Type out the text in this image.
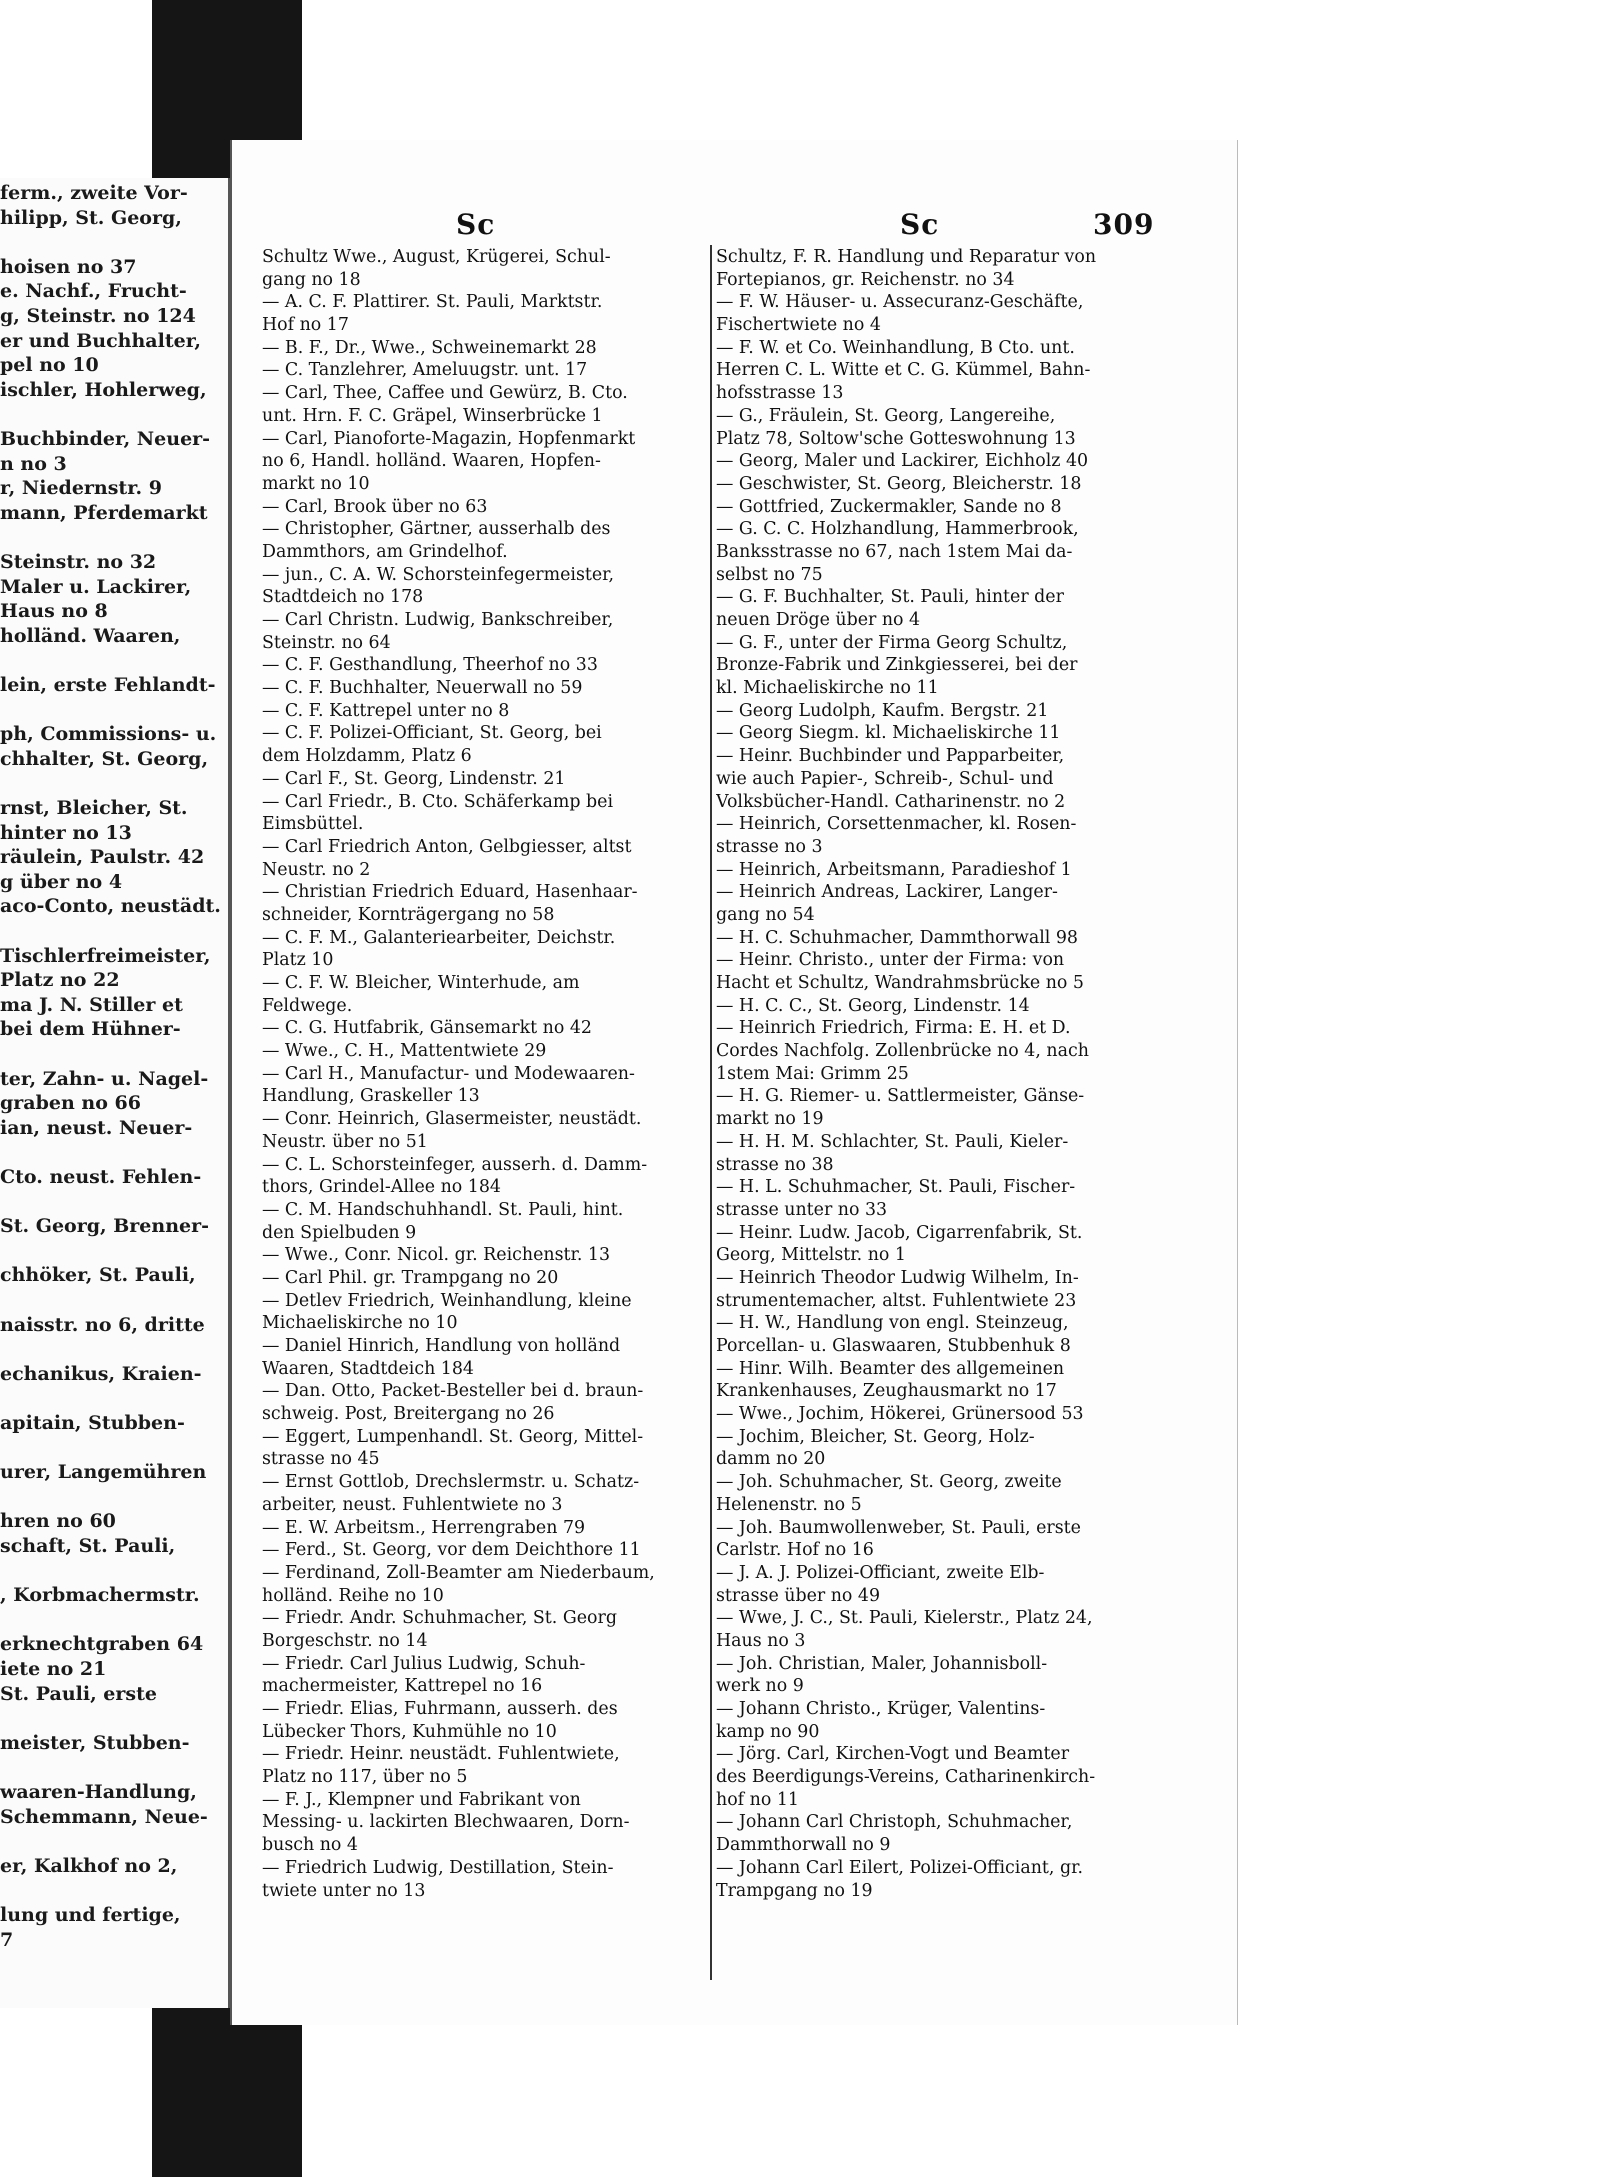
ferm., zweite Vor-
hilipp, St. Georg,
hoisen no 37
e. Nachf., Frucht-
g, Steinstr. no 124
er und Buchhalter,
pel no 10
ischler, Hohlerweg,
Buchbinder, Neuer-
n no 3
r, Niedernstr. 9
mann, Pferdemarkt
Steinstr. no 32
Maler u. Lackirer,
Haus no 8
holländ. Waaren,
lein, erste Fehlandt-
ph, Commissions- u.
chhalter, St. Georg,
rnst, Bleicher, St.
hinter no 13
räulein, Paulstr. 42
g über no 4
aco-Conto, neustädt.
Tischlerfreimeister,
Platz no 22
ma J. N. Stiller et
bei dem Hühner-
ter, Zahn- u. Nagel-
graben no 66
ian, neust. Neuer-
Cto. neust. Fehlen-
St. Georg, Brenner-
chhöker, St. Pauli,
naisstr. no 6, dritte
echanikus, Kraien-
apitain, Stubben-
urer, Langemühren
hren no 60
schaft, St. Pauli,
, Korbmachermstr.
erknechtgraben 64
iete no 21
St. Pauli, erste
meister, Stubben-
waaren-Handlung,
Schemmann, Neue-
er, Kalkhof no 2,
lung und fertige,
7
Sc	Sc	309
Schultz Wwe., August, Krügerei, Schul-
gang no 18
— A. C. F. Plattirer. St. Pauli, Marktstr.
Hof no 17
— B. F., Dr., Wwe., Schweinemarkt 28
— C. Tanzlehrer, Ameluugstr. unt. 17
— Carl, Thee, Caffee und Gewürz, B. Cto.
unt. Hrn. F. C. Gräpel, Winserbrücke 1
— Carl, Pianoforte-Magazin, Hopfenmarkt
no 6, Handl. holländ. Waaren, Hopfen-
markt no 10
— Carl, Brook über no 63
— Christopher, Gärtner, ausserhalb des
Dammthors, am Grindelhof.
— jun., C. A. W. Schorsteinfegermeister,
Stadtdeich no 178
— Carl Christn. Ludwig, Bankschreiber,
Steinstr. no 64
— C. F. Gesthandlung, Theerhof no 33
— C. F. Buchhalter, Neuerwall no 59
— C. F. Kattrepel unter no 8
— C. F. Polizei-Officiant, St. Georg, bei
dem Holzdamm, Platz 6
— Carl F., St. Georg, Lindenstr. 21
— Carl Friedr., B. Cto. Schäferkamp bei
Eimsbüttel.
— Carl Friedrich Anton, Gelbgiesser, altst
Neustr. no 2
— Christian Friedrich Eduard, Hasenhaar-
schneider, Kornträgergang no 58
— C. F. M., Galanteriearbeiter, Deichstr.
Platz 10
— C. F. W. Bleicher, Winterhude, am
Feldwege.
— C. G. Hutfabrik, Gänsemarkt no 42
— Wwe., C. H., Mattentwiete 29
— Carl H., Manufactur- und Modewaaren-
Handlung, Graskeller 13
— Conr. Heinrich, Glasermeister, neustädt.
Neustr. über no 51
— C. L. Schorsteinfeger, ausserh. d. Damm-
thors, Grindel-Allee no 184
— C. M. Handschuhhandl. St. Pauli, hint.
den Spielbuden 9
— Wwe., Conr. Nicol. gr. Reichenstr. 13
— Carl Phil. gr. Trampgang no 20
— Detlev Friedrich, Weinhandlung, kleine
Michaeliskirche no 10
— Daniel Hinrich, Handlung von holländ
Waaren, Stadtdeich 184
— Dan. Otto, Packet-Besteller bei d. braun-
schweig. Post, Breitergang no 26
— Eggert, Lumpenhandl. St. Georg, Mittel-
strasse no 45
— Ernst Gottlob, Drechslermstr. u. Schatz-
arbeiter, neust. Fuhlentwiete no 3
— E. W. Arbeitsm., Herrengraben 79
— Ferd., St. Georg, vor dem Deichthore 11
— Ferdinand, Zoll-Beamter am Niederbaum,
holländ. Reihe no 10
— Friedr. Andr. Schuhmacher, St. Georg
Borgeschstr. no 14
— Friedr. Carl Julius Ludwig, Schuh-
machermeister, Kattrepel no 16
— Friedr. Elias, Fuhrmann, ausserh. des
Lübecker Thors, Kuhmühle no 10
— Friedr. Heinr. neustädt. Fuhlentwiete,
Platz no 117, über no 5
— F. J., Klempner und Fabrikant von
Messing- u. lackirten Blechwaaren, Dorn-
busch no 4
— Friedrich Ludwig, Destillation, Stein-
twiete unter no 13
Schultz, F. R. Handlung und Reparatur von
Fortepianos, gr. Reichenstr. no 34
— F. W. Häuser- u. Assecuranz-Geschäfte,
Fischertwiete no 4
— F. W. et Co. Weinhandlung, B Cto. unt.
Herren C. L. Witte et C. G. Kümmel, Bahn-
hofsstrasse 13
— G., Fräulein, St. Georg, Langereihe,
Platz 78, Soltow'sche Gotteswohnung 13
— Georg, Maler und Lackirer, Eichholz 40
— Geschwister, St. Georg, Bleicherstr. 18
— Gottfried, Zuckermakler, Sande no 8
— G. C. C. Holzhandlung, Hammerbrook,
Banksstrasse no 67, nach 1stem Mai da-
selbst no 75
— G. F. Buchhalter, St. Pauli, hinter der
neuen Dröge über no 4
— G. F., unter der Firma Georg Schultz,
Bronze-Fabrik und Zinkgiesserei, bei der
kl. Michaeliskirche no 11
— Georg Ludolph, Kaufm. Bergstr. 21
— Georg Siegm. kl. Michaeliskirche 11
— Heinr. Buchbinder und Papparbeiter,
wie auch Papier-, Schreib-, Schul- und
Volksbücher-Handl. Catharinenstr. no 2
— Heinrich, Corsettenmacher, kl. Rosen-
strasse no 3
— Heinrich, Arbeitsmann, Paradieshof 1
— Heinrich Andreas, Lackirer, Langer-
gang no 54
— H. C. Schuhmacher, Dammthorwall 98
— Heinr. Christo., unter der Firma: von
Hacht et Schultz, Wandrahmsbrücke no 5
— H. C. C., St. Georg, Lindenstr. 14
— Heinrich Friedrich, Firma: E. H. et D.
Cordes Nachfolg. Zollenbrücke no 4, nach
1stem Mai: Grimm 25
— H. G. Riemer- u. Sattlermeister, Gänse-
markt no 19
— H. H. M. Schlachter, St. Pauli, Kieler-
strasse no 38
— H. L. Schuhmacher, St. Pauli, Fischer-
strasse unter no 33
— Heinr. Ludw. Jacob, Cigarrenfabrik, St.
Georg, Mittelstr. no 1
— Heinrich Theodor Ludwig Wilhelm, In-
strumentemacher, altst. Fuhlentwiete 23
— H. W., Handlung von engl. Steinzeug,
Porcellan- u. Glaswaaren, Stubbenhuk 8
— Hinr. Wilh. Beamter des allgemeinen
Krankenhauses, Zeughausmarkt no 17
— Wwe., Jochim, Hökerei, Grünersood 53
— Jochim, Bleicher, St. Georg, Holz-
damm no 20
— Joh. Schuhmacher, St. Georg, zweite
Helenenstr. no 5
— Joh. Baumwollenweber, St. Pauli, erste
Carlstr. Hof no 16
— J. A. J. Polizei-Officiant, zweite Elb-
strasse über no 49
— Wwe, J. C., St. Pauli, Kielerstr., Platz 24,
Haus no 3
— Joh. Christian, Maler, Johannisboll-
werk no 9
— Johann Christo., Krüger, Valentins-
kamp no 90
— Jörg. Carl, Kirchen-Vogt und Beamter
des Beerdigungs-Vereins, Catharinenkirch-
hof no 11
— Johann Carl Christoph, Schuhmacher,
Dammthorwall no 9
— Johann Carl Eilert, Polizei-Officiant, gr.
Trampgang no 19
